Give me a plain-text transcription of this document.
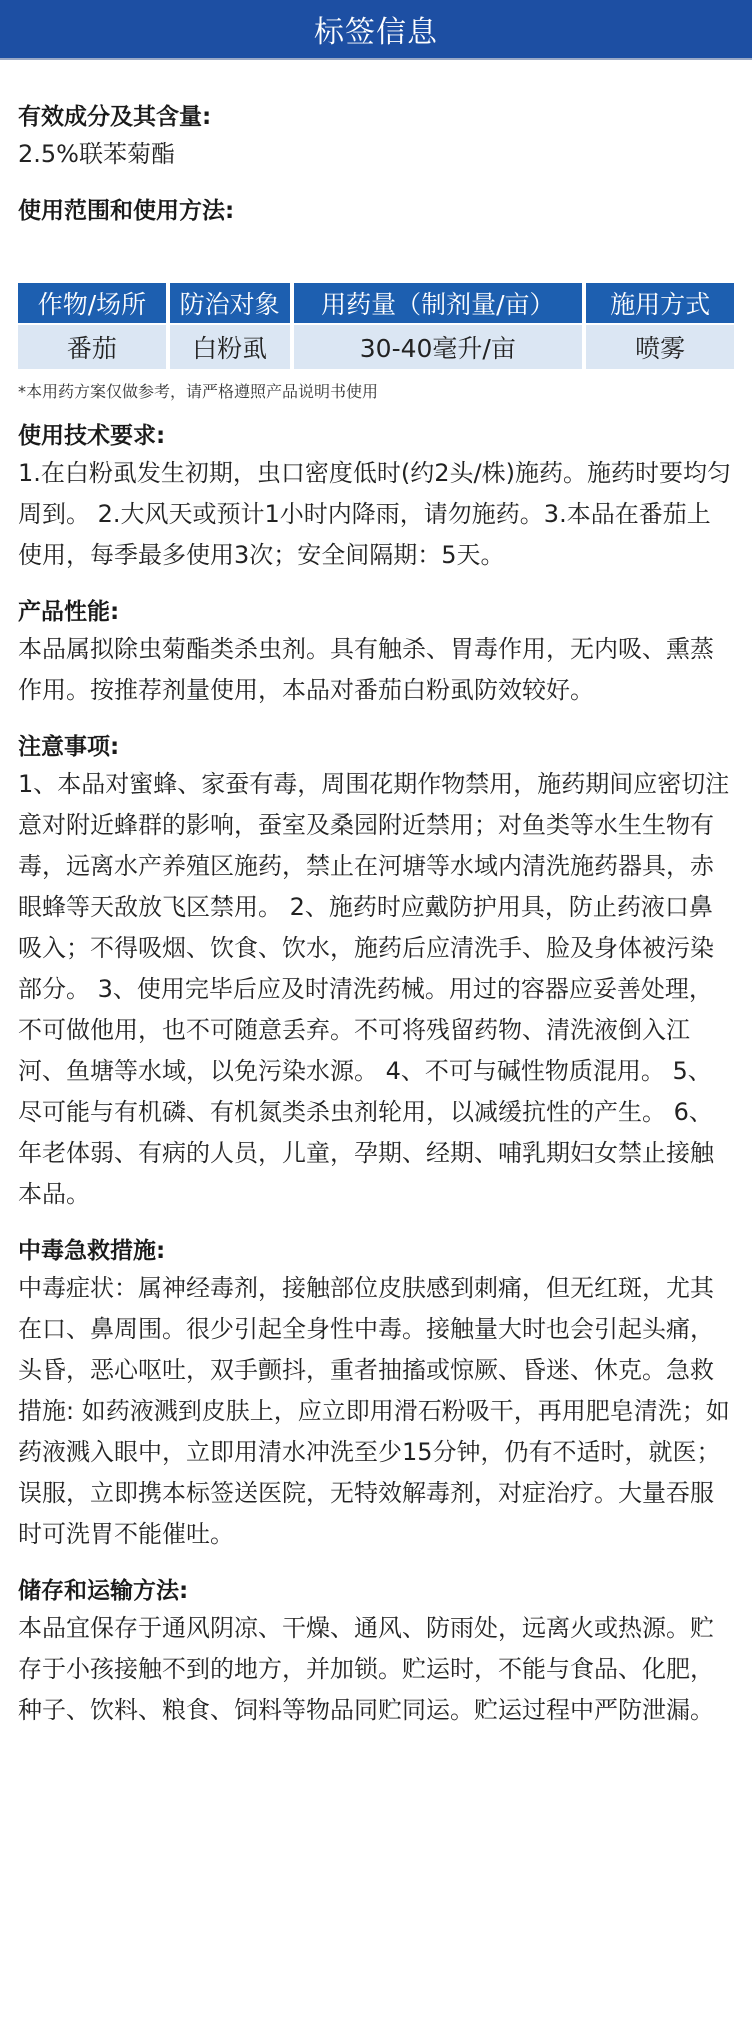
标签信息

有效成分及其含量:

2.5%联苯菊酯

使用范围和使用方法:

作物/场所	防治对象	用药量（制剂量/亩）	施用方式
番茄	白粉虱	30-40毫升/亩	喷雾

*本用药方案仅做参考，请严格遵照产品说明书使用

使用技术要求:

1.在白粉虱发生初期，虫口密度低时(约2头/株)施药。施药时要均匀周到。 2.大风天或预计1小时内降雨，请勿施药。3.本品在番茄上使用，每季最多使用3次；安全间隔期：5天。

产品性能:

本品属拟除虫菊酯类杀虫剂。具有触杀、胃毒作用，无内吸、熏蒸作用。按推荐剂量使用，本品对番茄白粉虱防效较好。

注意事项:

1、本品对蜜蜂、家蚕有毒，周围花期作物禁用，施药期间应密切注意对附近蜂群的影响，蚕室及桑园附近禁用；对鱼类等水生生物有毒，远离水产养殖区施药，禁止在河塘等水域内清洗施药器具，赤眼蜂等天敌放飞区禁用。 2、施药时应戴防护用具，防止药液口鼻吸入；不得吸烟、饮食、饮水，施药后应清洗手、脸及身体被污染部分。 3、使用完毕后应及时清洗药械。用过的容器应妥善处理，不可做他用，也不可随意丢弃。不可将残留药物、清洗液倒入江河、鱼塘等水域，以免污染水源。 4、不可与碱性物质混用。 5、尽可能与有机磷、有机氮类杀虫剂轮用，以减缓抗性的产生。 6、 年老体弱、有病的人员，儿童，孕期、经期、哺乳期妇女禁止接触本品。

中毒急救措施:

中毒症状：属神经毒剂，接触部位皮肤感到刺痛，但无红斑，尤其在口、鼻周围。很少引起全身性中毒。接触量大时也会引起头痛，头昏，恶心呕吐，双手颤抖，重者抽搐或惊厥、昏迷、休克。急救措施: 如药液溅到皮肤上，应立即用滑石粉吸干，再用肥皂清洗；如药液溅入眼中，立即用清水冲洗至少15分钟，仍有不适时，就医；误服，立即携本标签送医院，无特效解毒剂，对症治疗。大量吞服时可洗胃不能催吐。

储存和运输方法:

本品宜保存于通风阴凉、干燥、通风、防雨处，远离火或热源。贮存于小孩接触不到的地方，并加锁。贮运时，不能与食品、化肥，种子、饮料、粮食、饲料等物品同贮同运。贮运过程中严防泄漏。
